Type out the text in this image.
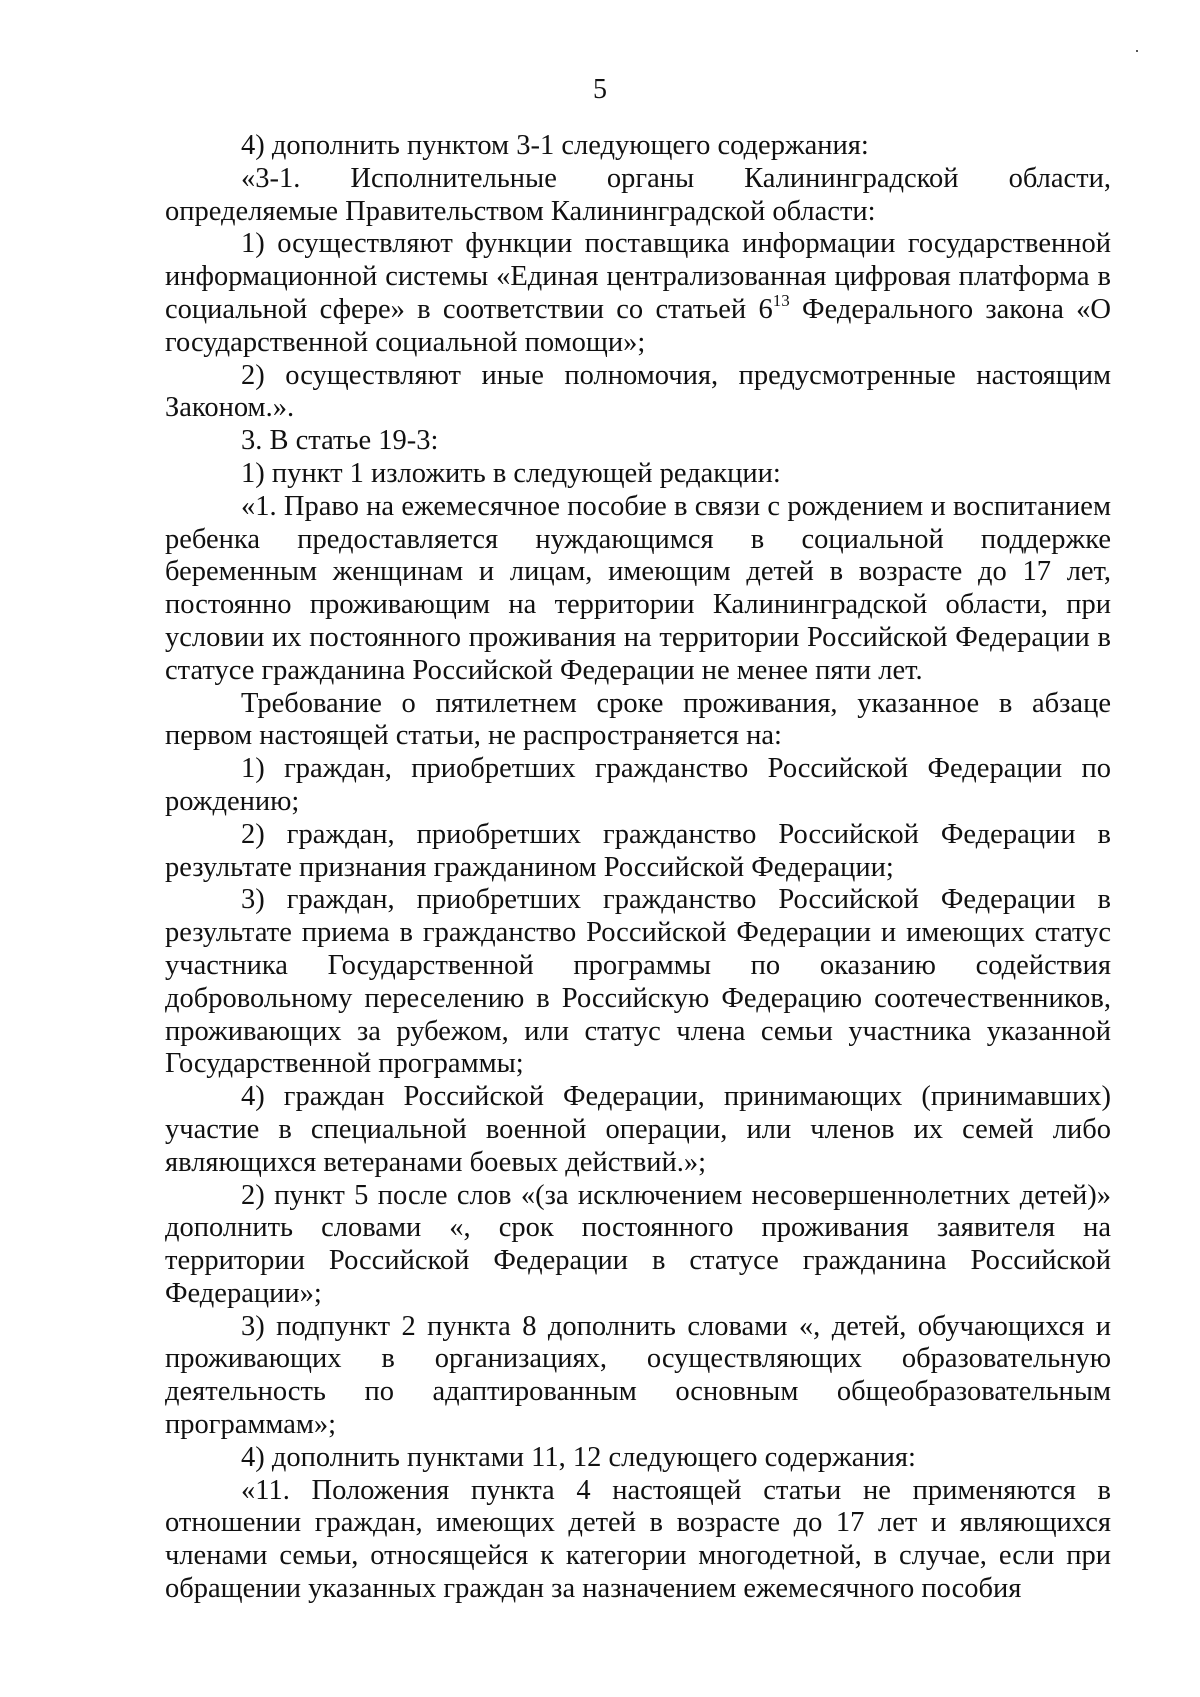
5

4) дополнить пунктом 3-1 следующего содержания:

«3-1. Исполнительные органы Калининградской области, определяемые Правительством Калининградской области:

1) осуществляют функции поставщика информации государственной информационной системы «Единая централизованная цифровая платформа в социальной сфере» в соответствии со статьей $6^{13}$ Федерального закона «О государственной социальной помощи»;

2) осуществляют иные полномочия, предусмотренные настоящим Законом.».

3. В статье 19-3:

1) пункт 1 изложить в следующей редакции:

«1. Право на ежемесячное пособие в связи с рождением и воспитанием ребенка предоставляется нуждающимся в социальной поддержке беременным женщинам и лицам, имеющим детей в возрасте до 17 лет, постоянно проживающим на территории Калининградской области, при условии их постоянного проживания на территории Российской Федерации в статусе гражданина Российской Федерации не менее пяти лет.

Требование о пятилетнем сроке проживания, указанное в абзаце первом настоящей статьи, не распространяется на:

1) граждан, приобретших гражданство Российской Федерации по рождению;

2) граждан, приобретших гражданство Российской Федерации в результате признания гражданином Российской Федерации;

3) граждан, приобретших гражданство Российской Федерации в результате приема в гражданство Российской Федерации и имеющих статус участника Государственной программы по оказанию содействия добровольному переселению в Российскую Федерацию соотечественников, проживающих за рубежом, или статус члена семьи участника указанной Государственной программы;

4) граждан Российской Федерации, принимающих (принимавших) участие в специальной военной операции, или членов их семей либо являющихся ветеранами боевых действий.»;

2) пункт 5 после слов «(за исключением несовершеннолетних детей)» дополнить словами «, срок постоянного проживания заявителя на территории Российской Федерации в статусе гражданина Российской Федерации»;

3) подпункт 2 пункта 8 дополнить словами «, детей, обучающихся и проживающих в организациях, осуществляющих образовательную деятельность по адаптированным основным общеобразовательным программам»;

4) дополнить пунктами 11, 12 следующего содержания:

«11. Положения пункта 4 настоящей статьи не применяются в отношении граждан, имеющих детей в возрасте до 17 лет и являющихся членами семьи, относящейся к категории многодетной, в случае, если при обращении указанных граждан за назначением ежемесячного пособия
